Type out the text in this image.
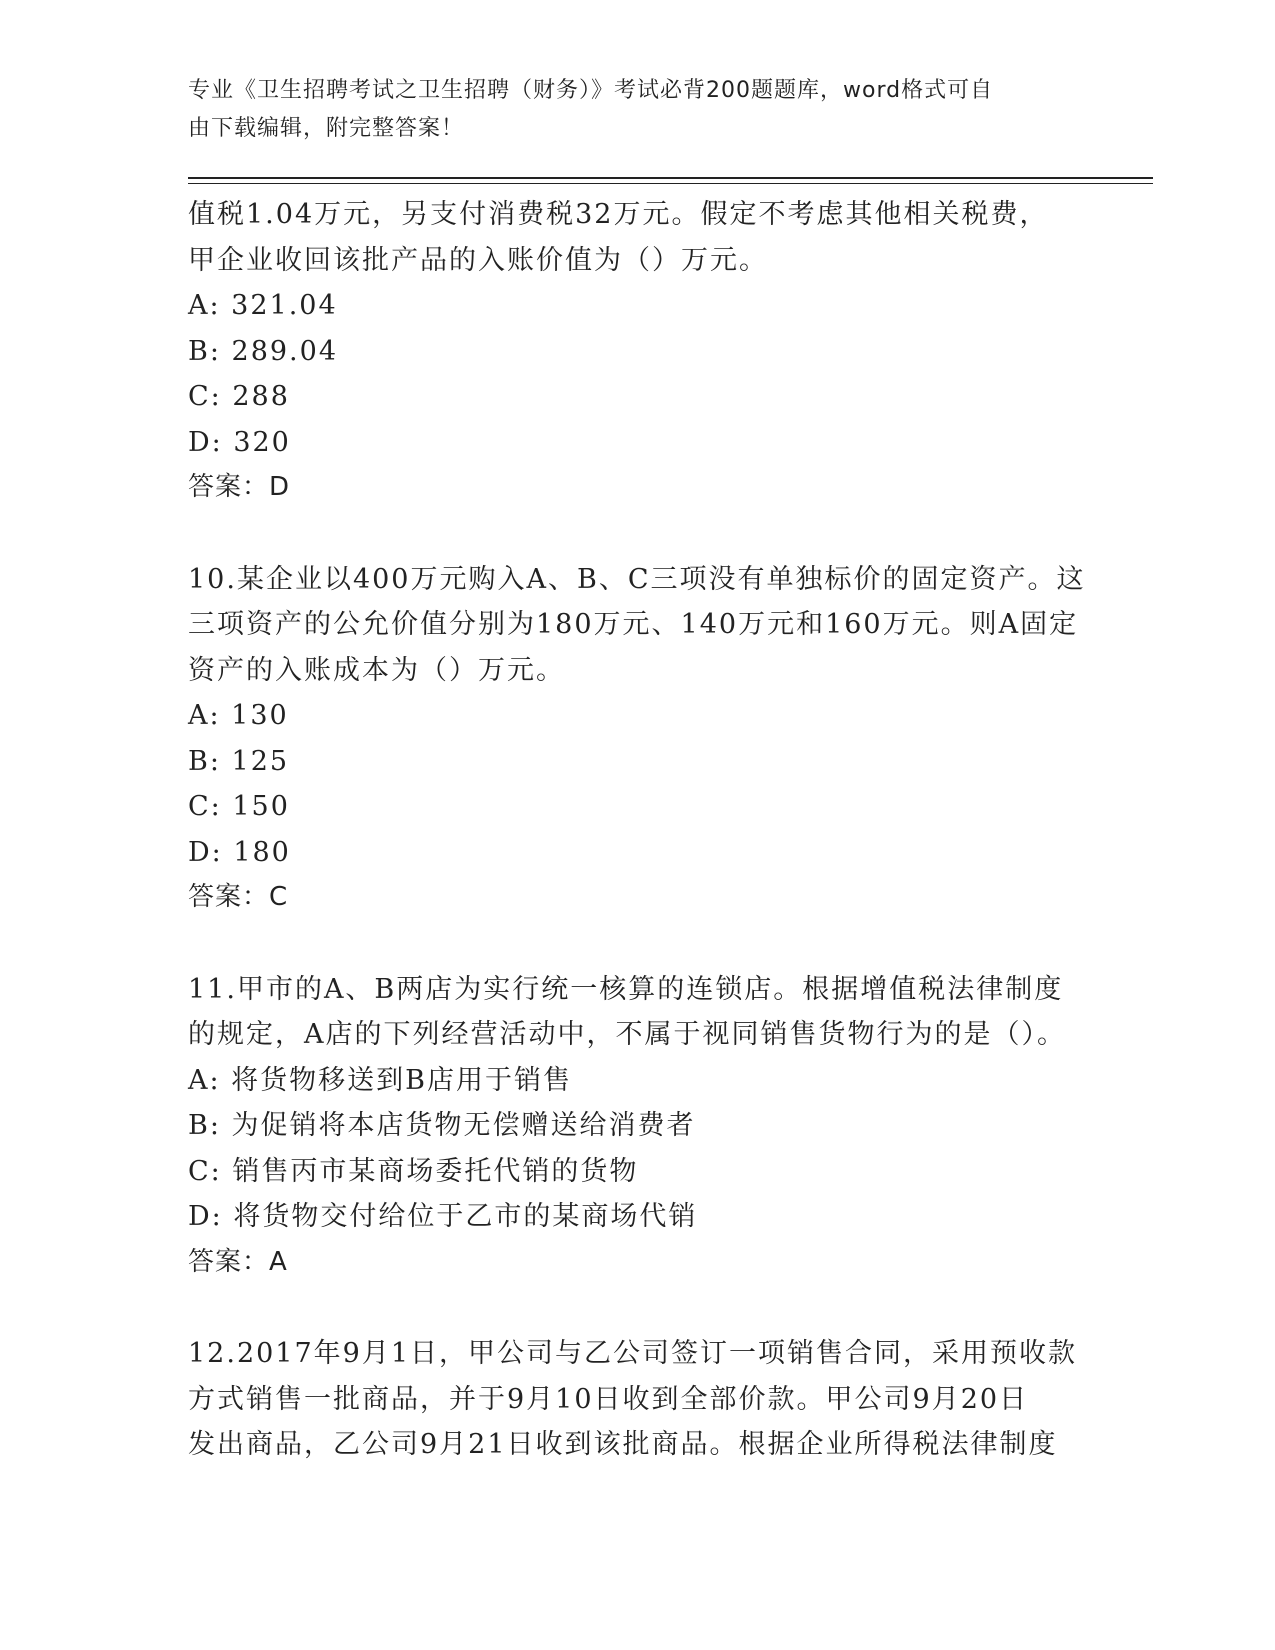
专业《卫生招聘考试之卫生招聘（财务）》考试必背200题题库，word格式可自
由下载编辑，附完整答案！
值税1.04万元，另支付消费税32万元。假定不考虑其他相关税费，
甲企业收回该批产品的入账价值为（）万元。
A: 321.04
B: 289.04
C: 288
D: 320
答案：D
10.某企业以400万元购入A、B、C三项没有单独标价的固定资产。这
三项资产的公允价值分别为180万元、140万元和160万元。则A固定
资产的入账成本为（）万元。
A: 130
B: 125
C: 150
D: 180
答案：C
11.甲市的A、B两店为实行统一核算的连锁店。根据增值税法律制度
的规定，A店的下列经营活动中，不属于视同销售货物行为的是（）。
A: 将货物移送到B店用于销售
B: 为促销将本店货物无偿赠送给消费者
C: 销售丙市某商场委托代销的货物
D: 将货物交付给位于乙市的某商场代销
答案：A
12.2017年9月1日，甲公司与乙公司签订一项销售合同，采用预收款
方式销售一批商品，并于9月10日收到全部价款。甲公司9月20日
发出商品，乙公司9月21日收到该批商品。根据企业所得税法律制度
